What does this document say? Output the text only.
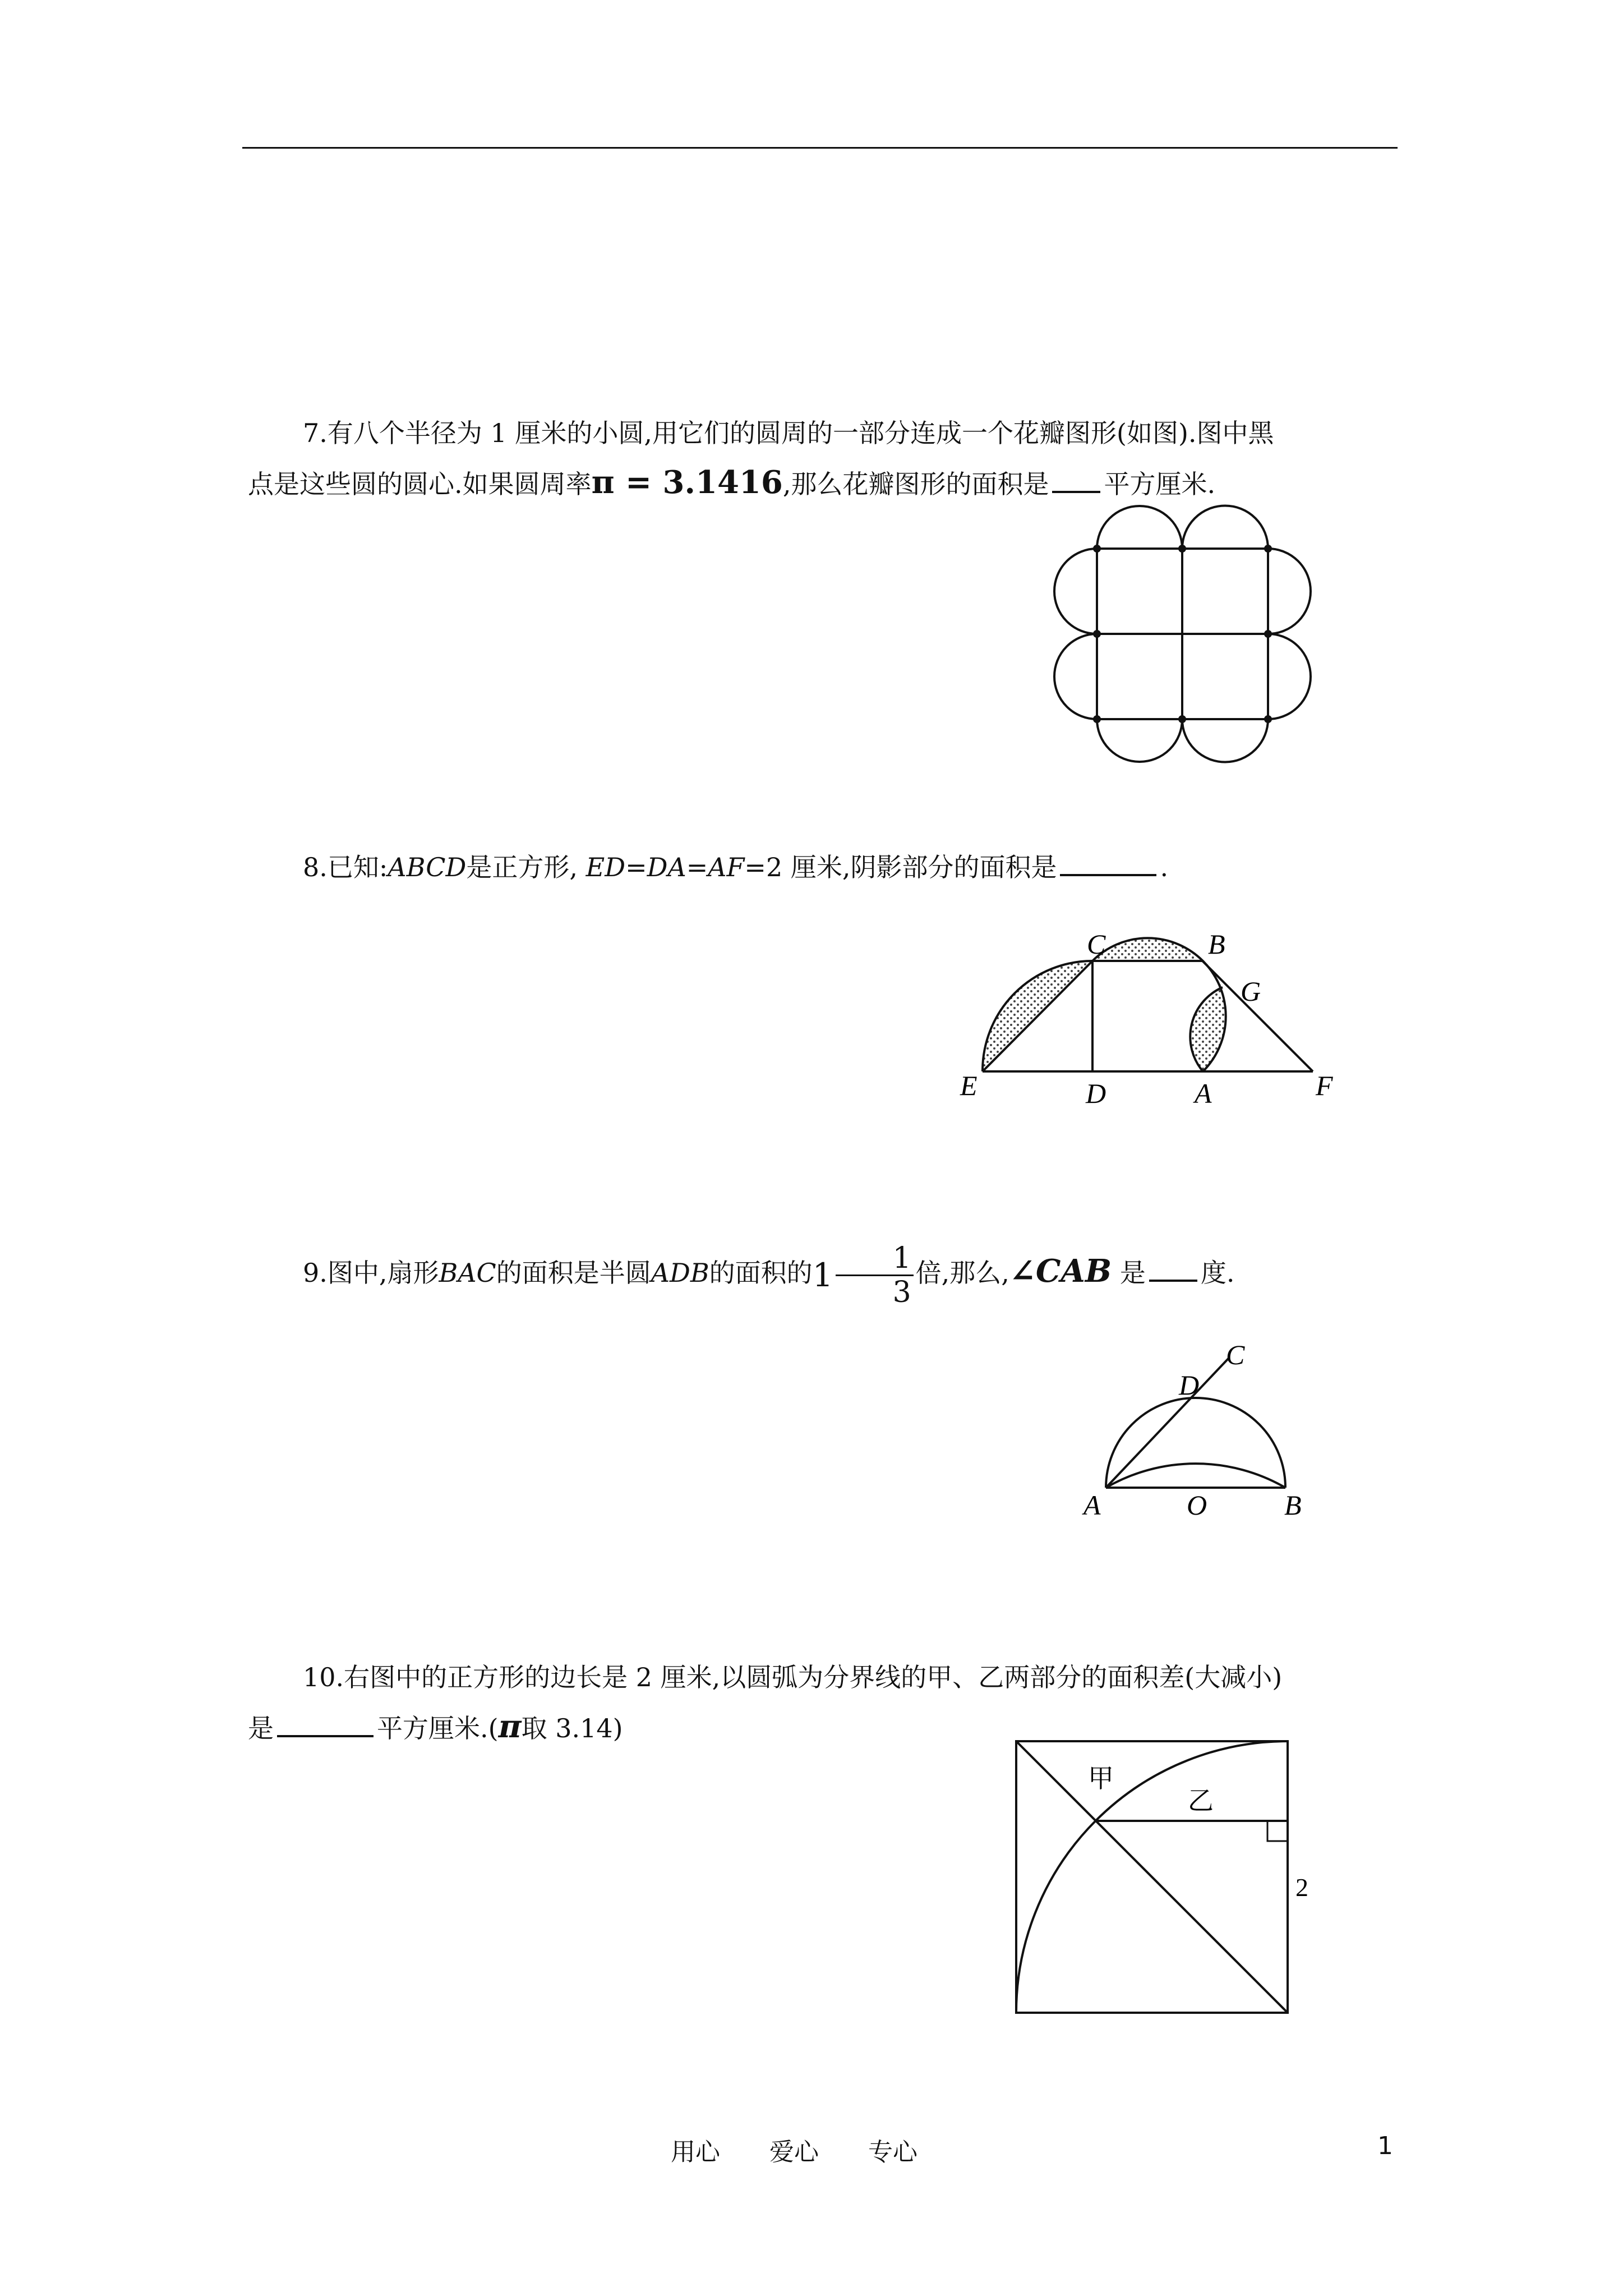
7.有八个半径为 1 厘米的小圆,用它们的圆周的一部分连成一个花瓣图形(如图).图中黑

点是这些圆的圆心.如果圆周率π = 3.1416,那么花瓣图形的面积是 平方厘米.

8.已知:ABCD是正方形, ED=DA=AF=2 厘米,阴影部分的面积是	.

C	B
G
E	D	A	F

9.图中,扇形BAC的面积是半圆ADB的面积的$1 \frac{1}{3}$ 倍,那么,∠CAB 是 度.

C
D
A	O	B

10.右图中的正方形的边长是 2 厘米,以圆弧为分界线的甲、乙两部分的面积差(大减小)

是	平方厘米.(π取 3.14)

甲
乙
2
用心　　爱心　　专心	1
